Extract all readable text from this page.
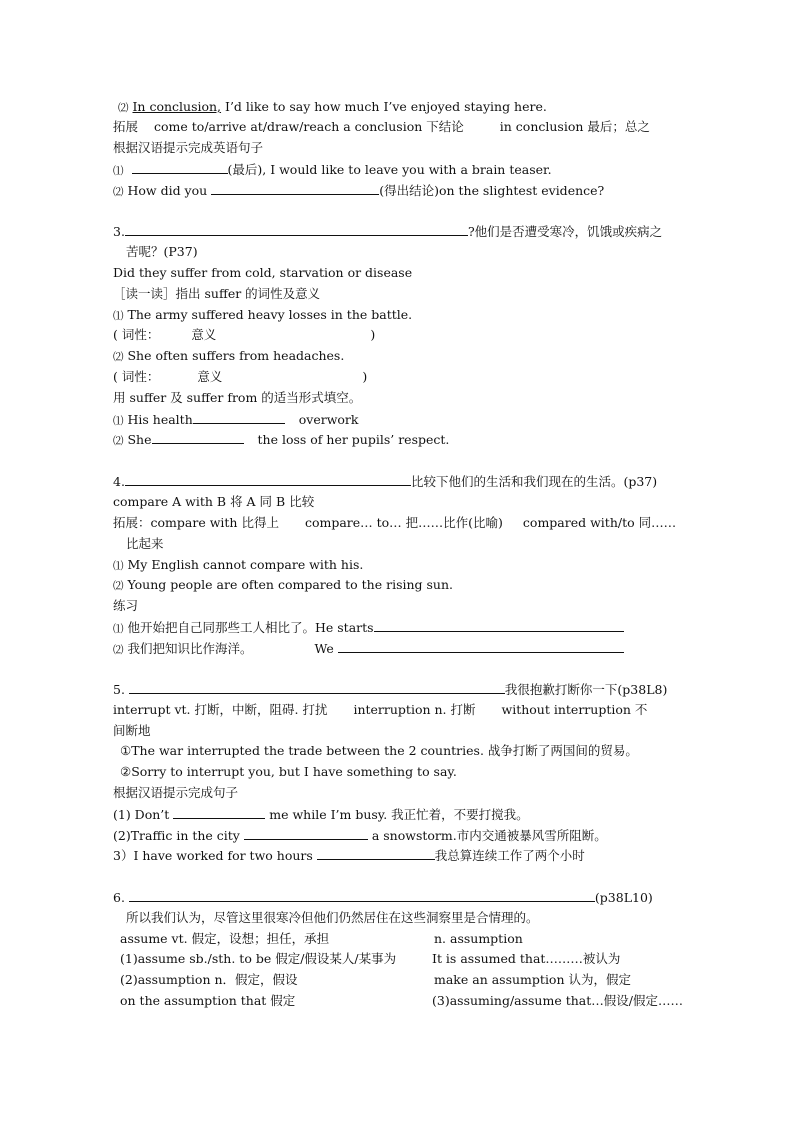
⑵ In conclusion, I’d like to say how much I’ve enjoyed staying here.
拓展 come to/arrive at/draw/reach a conclusion 下结论	in conclusion 最后；总之
根据汉语提示完成英语句子
⑴	(最后), I would like to leave you with a brain teaser.
⑵ How did you	(得出结论)on the slightest evidence?
3.	?他们是否遭受寒冷，饥饿或疾病之
苦呢？(P37)
Did they suffer from cold, starvation or disease
［读一读］指出 suffer 的词性及意义
⑴ The army suffered heavy losses in the battle.
( 词性：	意义	)
⑵ She often suffers from headaches.
( 词性：	意义	)
用 suffer 及 suffer from 的适当形式填空。
⑴ His health	overwork
⑵ She	the loss of her pupils’ respect.
4.	比较下他们的生活和我们现在的生活。(p37)
compare A with B 将 A 同 B 比较
拓展：compare with 比得上 compare… to… 把……比作(比喻) compared with/to 同……
比起来
⑴ My English cannot compare with his.
⑵ Young people are often compared to the rising sun.
练习
⑴ 他开始把自己同那些工人相比了。He starts
⑵ 我们把知识比作海洋。	We
5.	我很抱歉打断你一下(p38L8)
interrupt vt. 打断，中断，阻碍. 打扰 interruption n. 打断 without interruption 不
间断地
①The war interrupted the trade between the 2 countries. 战争打断了两国间的贸易。
②Sorry to interrupt you, but I have something to say.
根据汉语提示完成句子
(1) Don’t	me while I’m busy. 我正忙着，不要打搅我。
(2)Traffic in the city	a snowstorm.市内交通被暴风雪所阻断。
3）I have worked for two hours	我总算连续工作了两个小时
6.	(p38L10)
所以我们认为，尽管这里很寒冷但他们仍然居住在这些洞察里是合情理的。
assume vt. 假定，设想；担任，承担	n. assumption
(1)assume sb./sth. to be 假定/假设某人/某事为	It is assumed that………被认为
(2)assumption n．假定，假设	make an assumption 认为，假定
on the assumption that 假定	(3)assuming/assume that…假设/假定……
